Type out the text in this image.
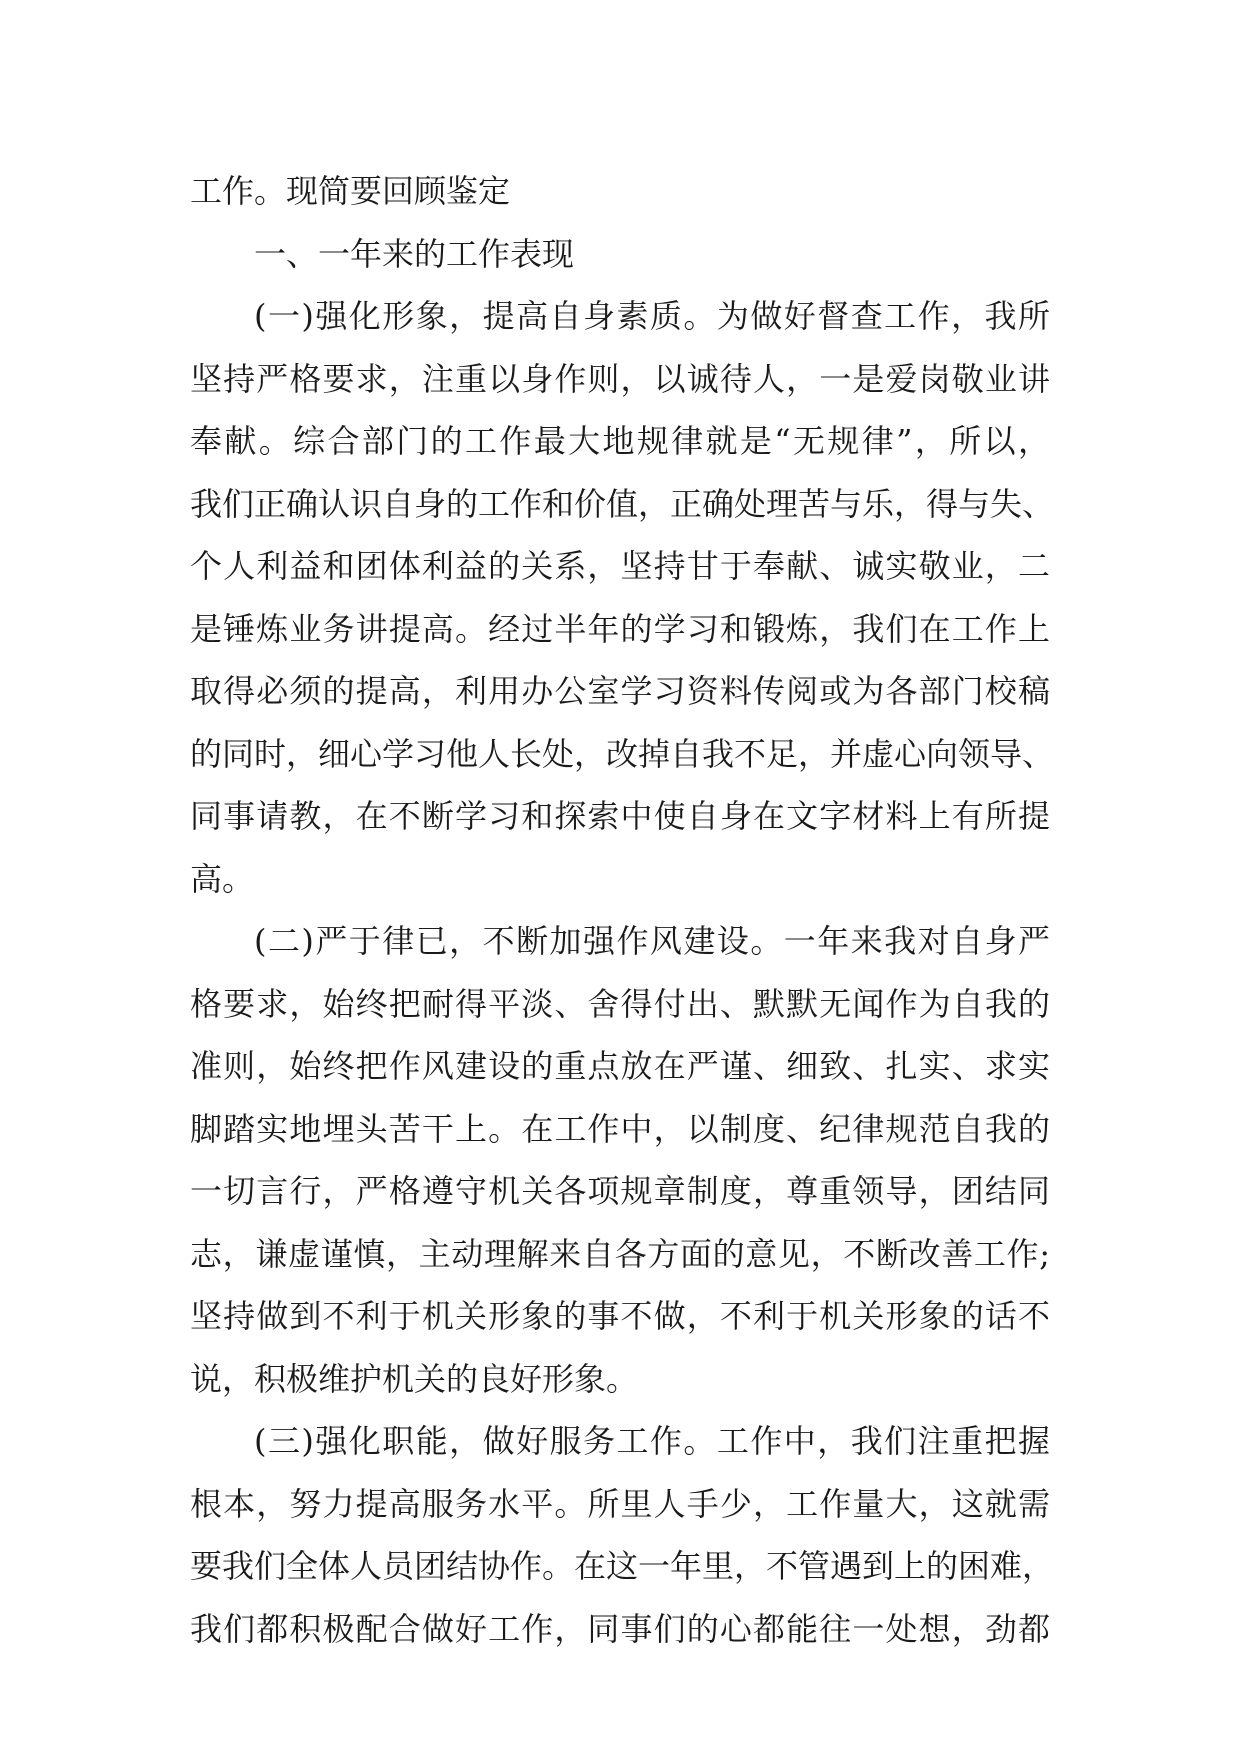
工作。现简要回顾鉴定
一、一年来的工作表现
(一)强化形象，提高自身素质。为做好督查工作，我所
坚持严格要求，注重以身作则，以诚待人，一是爱岗敬业讲
奉献。综合部门的工作最大地规律就是“无规律”，所以，
我们正确认识自身的工作和价值，正确处理苦与乐，得与失、
个人利益和团体利益的关系，坚持甘于奉献、诚实敬业，二
是锤炼业务讲提高。经过半年的学习和锻炼，我们在工作上
取得必须的提高，利用办公室学习资料传阅或为各部门校稿
的同时，细心学习他人长处，改掉自我不足，并虚心向领导、
同事请教，在不断学习和探索中使自身在文字材料上有所提
高。
(二)严于律已，不断加强作风建设。一年来我对自身严
格要求，始终把耐得平淡、舍得付出、默默无闻作为自我的
准则，始终把作风建设的重点放在严谨、细致、扎实、求实
脚踏实地埋头苦干上。在工作中，以制度、纪律规范自我的
一切言行，严格遵守机关各项规章制度，尊重领导，团结同
志，谦虚谨慎，主动理解来自各方面的意见，不断改善工作;
坚持做到不利于机关形象的事不做，不利于机关形象的话不
说，积极维护机关的良好形象。
(三)强化职能，做好服务工作。工作中，我们注重把握
根本，努力提高服务水平。所里人手少，工作量大，这就需
要我们全体人员团结协作。在这一年里，不管遇到上的困难，
我们都积极配合做好工作，同事们的心都能往一处想，劲都
